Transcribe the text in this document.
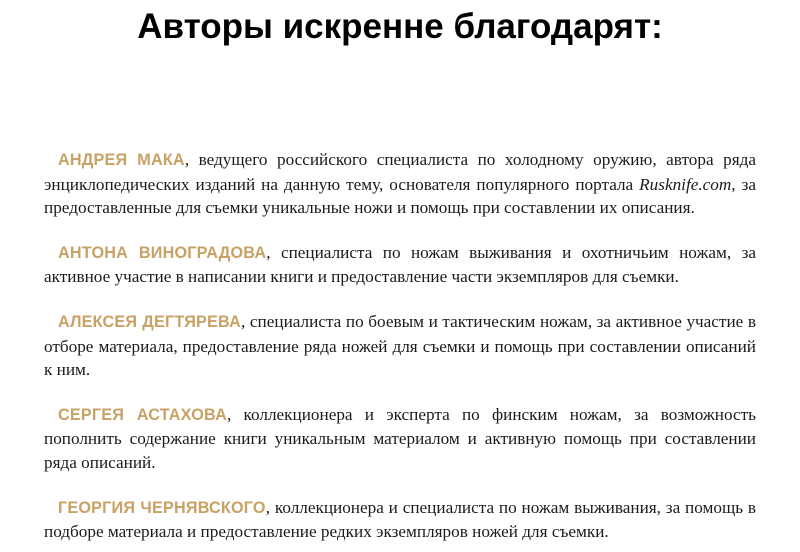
Авторы искренне благодарят:

АНДРЕЯ МАКА, ведущего российского специалиста по холодному оружию, автора ряда энциклопедических изданий на данную тему, основателя популярного портала Rusknife.com, за предоставленные для съемки уникальные ножи и помощь при составлении их описания.

АНТОНА ВИНОГРАДОВА, специалиста по ножам выживания и охотничьим ножам, за активное участие в написании книги и предоставление части экземпляров для съемки.

АЛЕКСЕЯ ДЕГТЯРЕВА, специалиста по боевым и тактическим ножам, за активное участие в отборе материала, предоставление ряда ножей для съемки и помощь при составлении описаний к ним.

СЕРГЕЯ АСТАХОВА, коллекционера и эксперта по финским ножам, за возможность пополнить содержание книги уникальным материалом и активную помощь при составлении ряда описаний.

ГЕОРГИЯ ЧЕРНЯВСКОГО, коллекционера и специалиста по ножам выживания, за помощь в подборе материала и предоставление редких экземпляров ножей для съемки.
